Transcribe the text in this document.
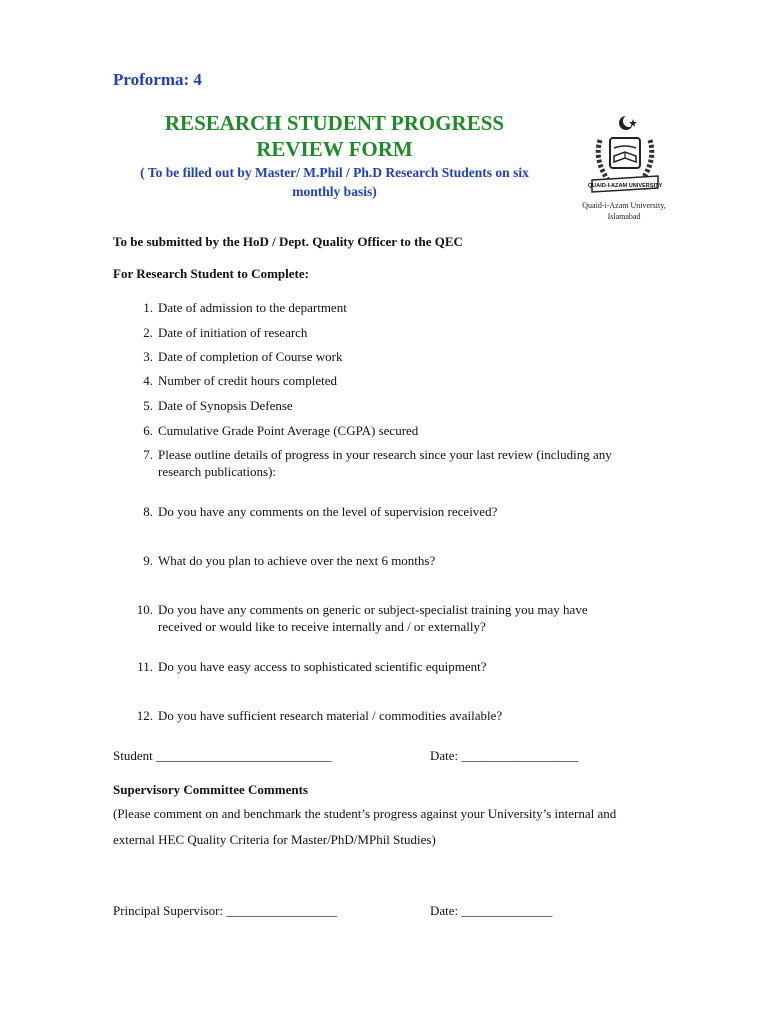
Proforma: 4
RESEARCH STUDENT PROGRESS
REVIEW FORM
( To be filled out by Master/ M.Phil / Ph.D Research Students on six
monthly basis)	QUAID-I-AZAM UNIVERSITY
Quaid-i-Azam University,
Islamabad
To be submitted by the HoD / Dept. Quality Officer to the QEC
For Research Student to Complete:
1. Date of admission to the department
2. Date of initiation of research
3. Date of completion of Course work
4. Number of credit hours completed
5. Date of Synopsis Defense
6. Cumulative Grade Point Average (CGPA) secured
7. Please outline details of progress in your research since your last review (including any research publications):
8. Do you have any comments on the level of supervision received?
9. What do you plan to achieve over the next 6 months?
10. Do you have any comments on generic or subject-specialist training you may have received or would like to receive internally and / or externally?
11. Do you have easy access to sophisticated scientific equipment?
12. Do you have sufficient research material / commodities available?
Student ___________________________	Date: __________________
Supervisory Committee Comments
(Please comment on and benchmark the student’s progress against your University’s internal and
external HEC Quality Criteria for Master/PhD/MPhil Studies)
Principal Supervisor: _________________	Date: ______________
